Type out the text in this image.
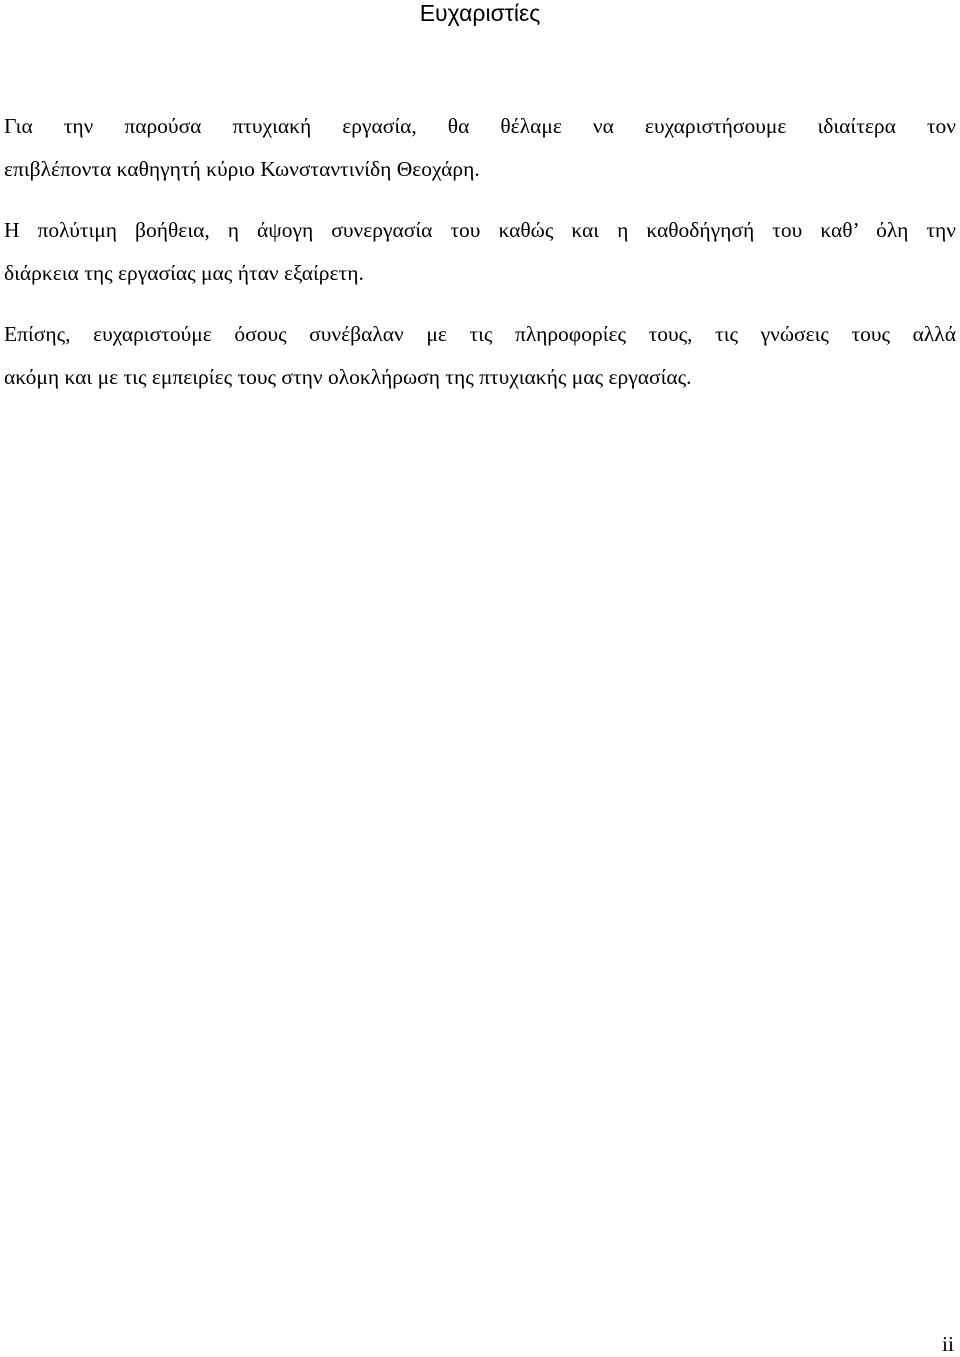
Ευχαριστίες

Για την παρούσα πτυχιακή εργασία, θα θέλαμε να ευχαριστήσουμε ιδιαίτερα τον
επιβλέποντα καθηγητή κύριο Κωνσταντινίδη Θεοχάρη.

Η πολύτιμη βοήθεια, η άψογη συνεργασία του καθώς και η καθοδήγησή του καθ’ όλη την
διάρκεια της εργασίας μας ήταν εξαίρετη.

Επίσης, ευχαριστούμε όσους συνέβαλαν με τις πληροφορίες τους, τις γνώσεις τους αλλά
ακόμη και με τις εμπειρίες τους στην ολοκλήρωση της πτυχιακής μας εργασίας.

ii
